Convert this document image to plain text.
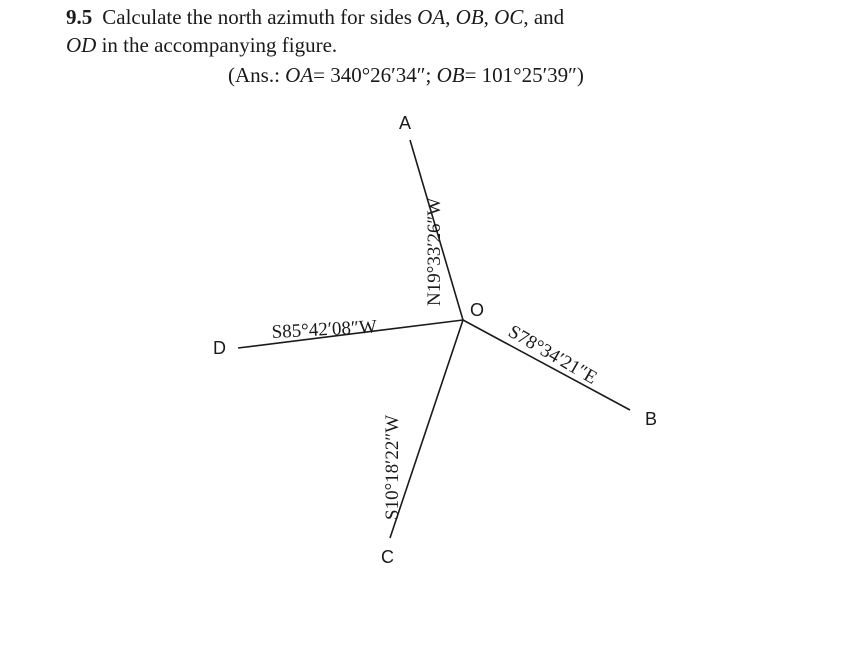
9.5 Calculate the north azimuth for sides OA, OB, OC, and
OD in the accompanying figure.
(Ans.: OA= 340°26′34″; OB= 101°25′39″)
A
B
C
D
O
N19°33′26″W
S78°34′21″E
S10°18′22″W
S85°42′08″W
